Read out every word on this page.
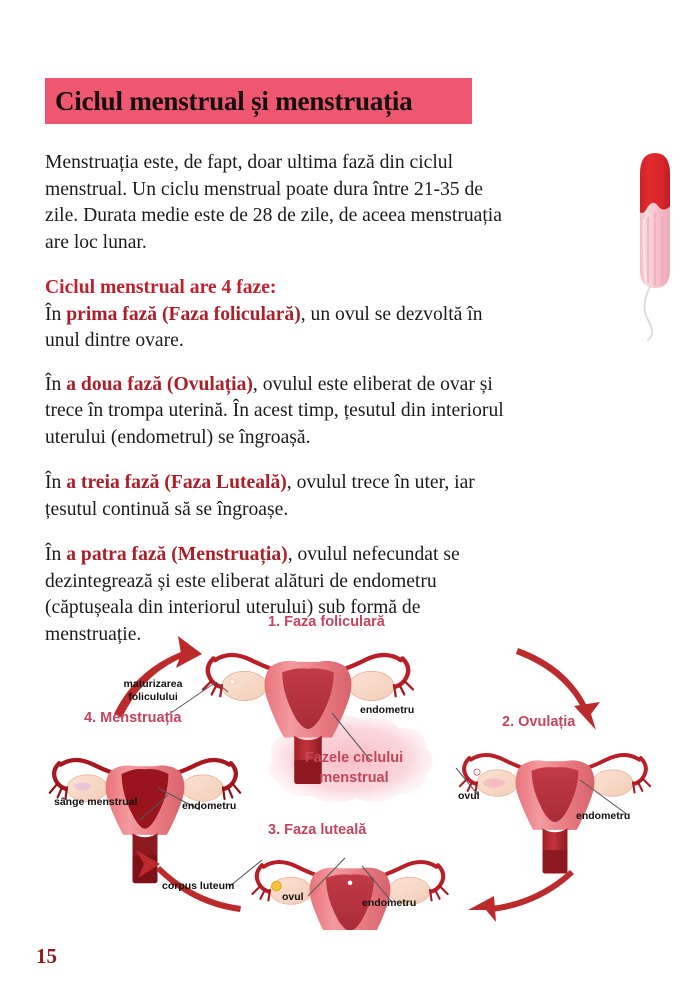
Ciclul menstrual și menstruația

Menstruația este, de fapt, doar ultima fază din ciclul menstrual. Un ciclu menstrual poate dura între 21-35 de zile. Durata medie este de 28 de zile, de aceea menstruația are loc lunar.

Ciclul menstrual are 4 faze:
În prima fază (Faza foliculară), un ovul se dezvoltă în unul dintre ovare.

În a doua fază (Ovulația), ovulul este eliberat de ovar și trece în trompa uterină. În acest timp, țesutul din interiorul uterului (endometrul) se îngroașă.

În a treia fază (Faza Luteală), ovulul trece în uter, iar țesutul continuă să se îngroașe.

În a patra fază (Menstruația), ovulul nefecundat se dezintegrează și este eliberat alături de endometru (căptușeala din interiorul uterului) sub formă de menstruație.

1. Faza foliculară
maturizarea
foliculului
endometru
2. Ovulația
ovul
endometru
3. Faza luteală
corpus luteum
ovul	endometru
4. Menstruația
sânge menstrual	endometru
Fazele ciclului
menstrual
15
